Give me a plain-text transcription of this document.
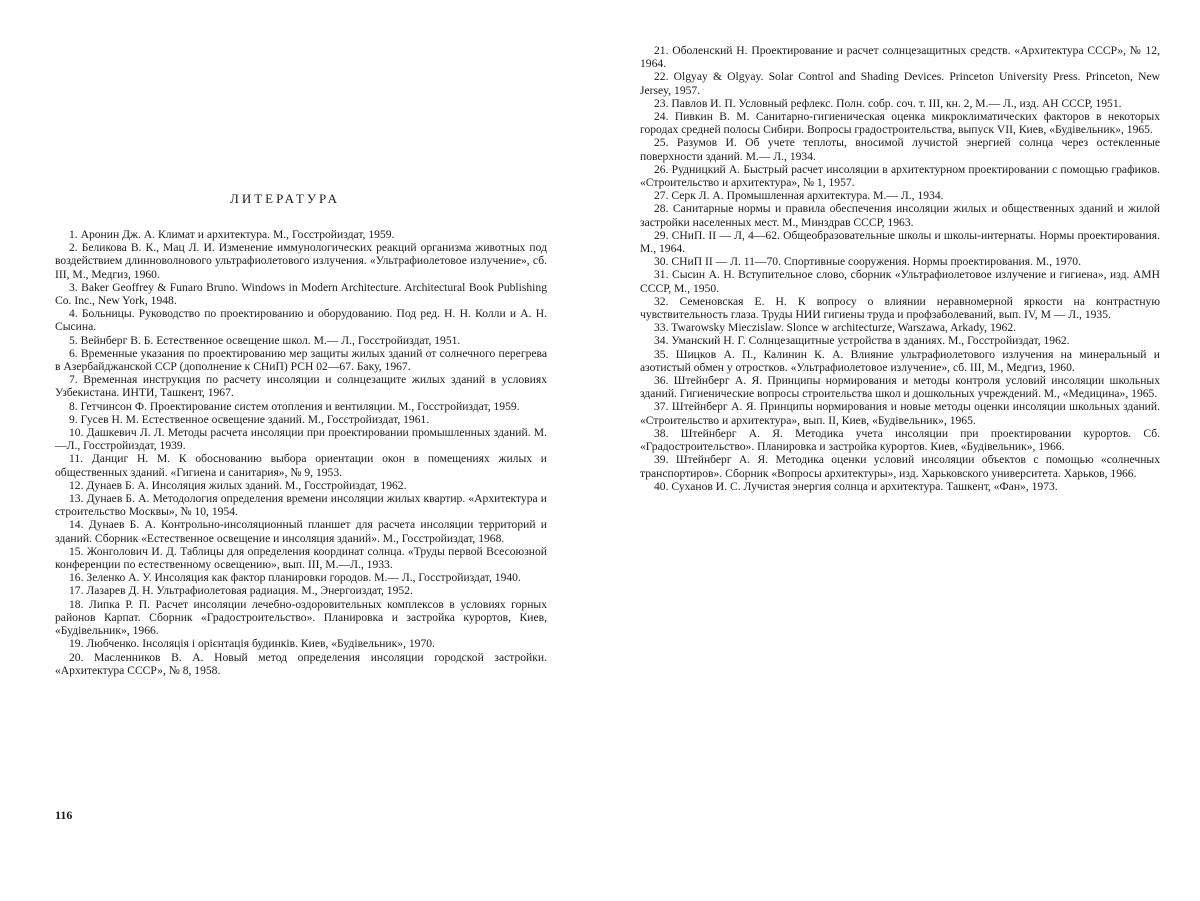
ЛИТЕРАТУРА
1. Аронин Дж. А. Климат и архитектура. М., Госстройиздат, 1959.
2. Беликова В. К., Мац Л. И. Изменение иммунологических реакций организма животных под воздействием длинноволнового ультрафиолетового излучения. «Ультрафиолетовое излучение», сб. III, М., Медгиз, 1960.
3. Baker Geoffrey & Funaro Bruno. Windows in Modern Architecture. Architectural Book Publishing Co. Inc., New York, 1948.
4. Больницы. Руководство по проектированию и оборудованию. Под ред. Н. Н. Колли и А. Н. Сысина.
5. Вейнберг В. Б. Естественное освещение школ. М.— Л., Госстройиздат, 1951.
6. Временные указания по проектированию мер защиты жилых зданий от солнечного перегрева в Азербайджанской ССР (дополнение к СНиП) РСН 02—67. Баку, 1967.
7. Временная инструкция по расчету инсоляции и солнцезащите жилых зданий в условиях Узбекистана. ИНТИ, Ташкент, 1967.
8. Гетчинсон Ф. Проектирование систем отопления и вентиляции. М., Госстройиздат, 1959.
9. Гусев Н. М. Естественное освещение зданий. М., Госстройиздат, 1961.
10. Дашкевич Л. Л. Методы расчета инсоляции при проектировании промышленных зданий. М.—Л., Госстройиздат, 1939.
11. Данциг Н. М. К обоснованию выбора ориентации окон в помещениях жилых и общественных зданий. «Гигиена и санитария», № 9, 1953.
12. Дунаев Б. А. Инсоляция жилых зданий. М., Госстройиздат, 1962.
13. Дунаев Б. А. Методология определения времени инсоляции жилых квартир. «Архитектура и строительство Москвы», № 10, 1954.
14. Дунаев Б. А. Контрольно-инсоляционный планшет для расчета инсоляции территорий и зданий. Сборник «Естественное освещение и инсоляция зданий». М., Госстройиздат, 1968.
15. Жонголович И. Д. Таблицы для определения координат солнца. «Труды первой Всесоюзной конференции по естественному освещению», вып. III, М.—Л., 1933.
16. Зеленко А. У. Инсоляция как фактор планировки городов. М.— Л., Госстройиздат, 1940.
17. Лазарев Д. Н. Ультрафиолетовая радиация. М., Энергоиздат, 1952.
18. Липка Р. П. Расчет инсоляции лечебно-оздоровительных комплексов в условиях горных районов Карпат. Сборник «Градостроительство». Планировка и застройка курортов, Киев, «Будівельник», 1966.
19. Любченко. Інсоляція і орієнтація будинків. Киев, «Будівельник», 1970.
20. Масленников В. А. Новый метод определения инсоляции городской застройки. «Архитектура СССР», № 8, 1958.
116
21. Оболенский Н. Проектирование и расчет солнцезащитных средств. «Архитектура СССР», № 12, 1964.
22. Olgyay & Olgyay. Solar Control and Shading Devices. Princeton University Press. Princeton, New Jersey, 1957.
23. Павлов И. П. Условный рефлекс. Полн. собр. соч. т. III, кн. 2, М.— Л., изд. АН СССР, 1951.
24. Пивкин В. М. Санитарно-гигиеническая оценка микроклиматических факторов в некоторых городах средней полосы Сибири. Вопросы градостроительства, выпуск VII, Киев, «Будівельник», 1965.
25. Разумов И. Об учете теплоты, вносимой лучистой энергией солнца через остекленные поверхности зданий. М.— Л., 1934.
26. Рудницкий А. Быстрый расчет инсоляции в архитектурном проектировании с помощью графиков. «Строительство и архитектура», № 1, 1957.
27. Серк Л. А. Промышленная архитектура. М.— Л., 1934.
28. Санитарные нормы и правила обеспечения инсоляции жилых и общественных зданий и жилой застройки населенных мест. М., Минздрав СССР, 1963.
29. СНиП. II — Л, 4—62. Общеобразовательные школы и школы-интернаты. Нормы проектирования. М., 1964.
30. СНиП II — Л. 11—70. Спортивные сооружения. Нормы проектирования. М., 1970.
31. Сысин А. Н. Вступительное слово, сборник «Ультрафиолетовое излучение и гигиена», изд. АМН СССР, М., 1950.
32. Семеновская Е. Н. К вопросу о влиянии неравномерной яркости на контрастную чувствительность глаза. Труды НИИ гигиены труда и профзаболеваний, вып. IV, М — Л., 1935.
33. Twarowsky Mieczislaw. Slonce w architecturze, Warszawa, Arkady, 1962.
34. Уманский Н. Г. Солнцезащитные устройства в зданиях. М., Госстройиздат, 1962.
35. Шицков А. П., Калинин К. А. Влияние ультрафиолетового излучения на минеральный и азотистый обмен у отростков. «Ультрафиолетовое излучение», сб. III, М., Медгиз, 1960.
36. Штейнберг А. Я. Принципы нормирования и методы контроля условий инсоляции школьных зданий. Гигиенические вопросы строительства школ и дошкольных учреждений. М., «Медицина», 1965.
37. Штейнберг А. Я. Принципы нормирования и новые методы оценки инсоляции школьных зданий. «Строительство и архитектура», вып. II, Киев, «Будівельник», 1965.
38. Штейнберг А. Я. Методика учета инсоляции при проектировании курортов. Сб. «Градостроительство». Планировка и застройка курортов. Киев, «Будівельник», 1966.
39. Штейнберг А. Я. Методика оценки условий инсоляции объектов с помощью «солнечных транспортиров». Сборник «Вопросы архитектуры», изд. Харьковского университета. Харьков, 1966.
40. Суханов И. С. Лучистая энергия солнца и архитектура. Ташкент, «Фан», 1973.
